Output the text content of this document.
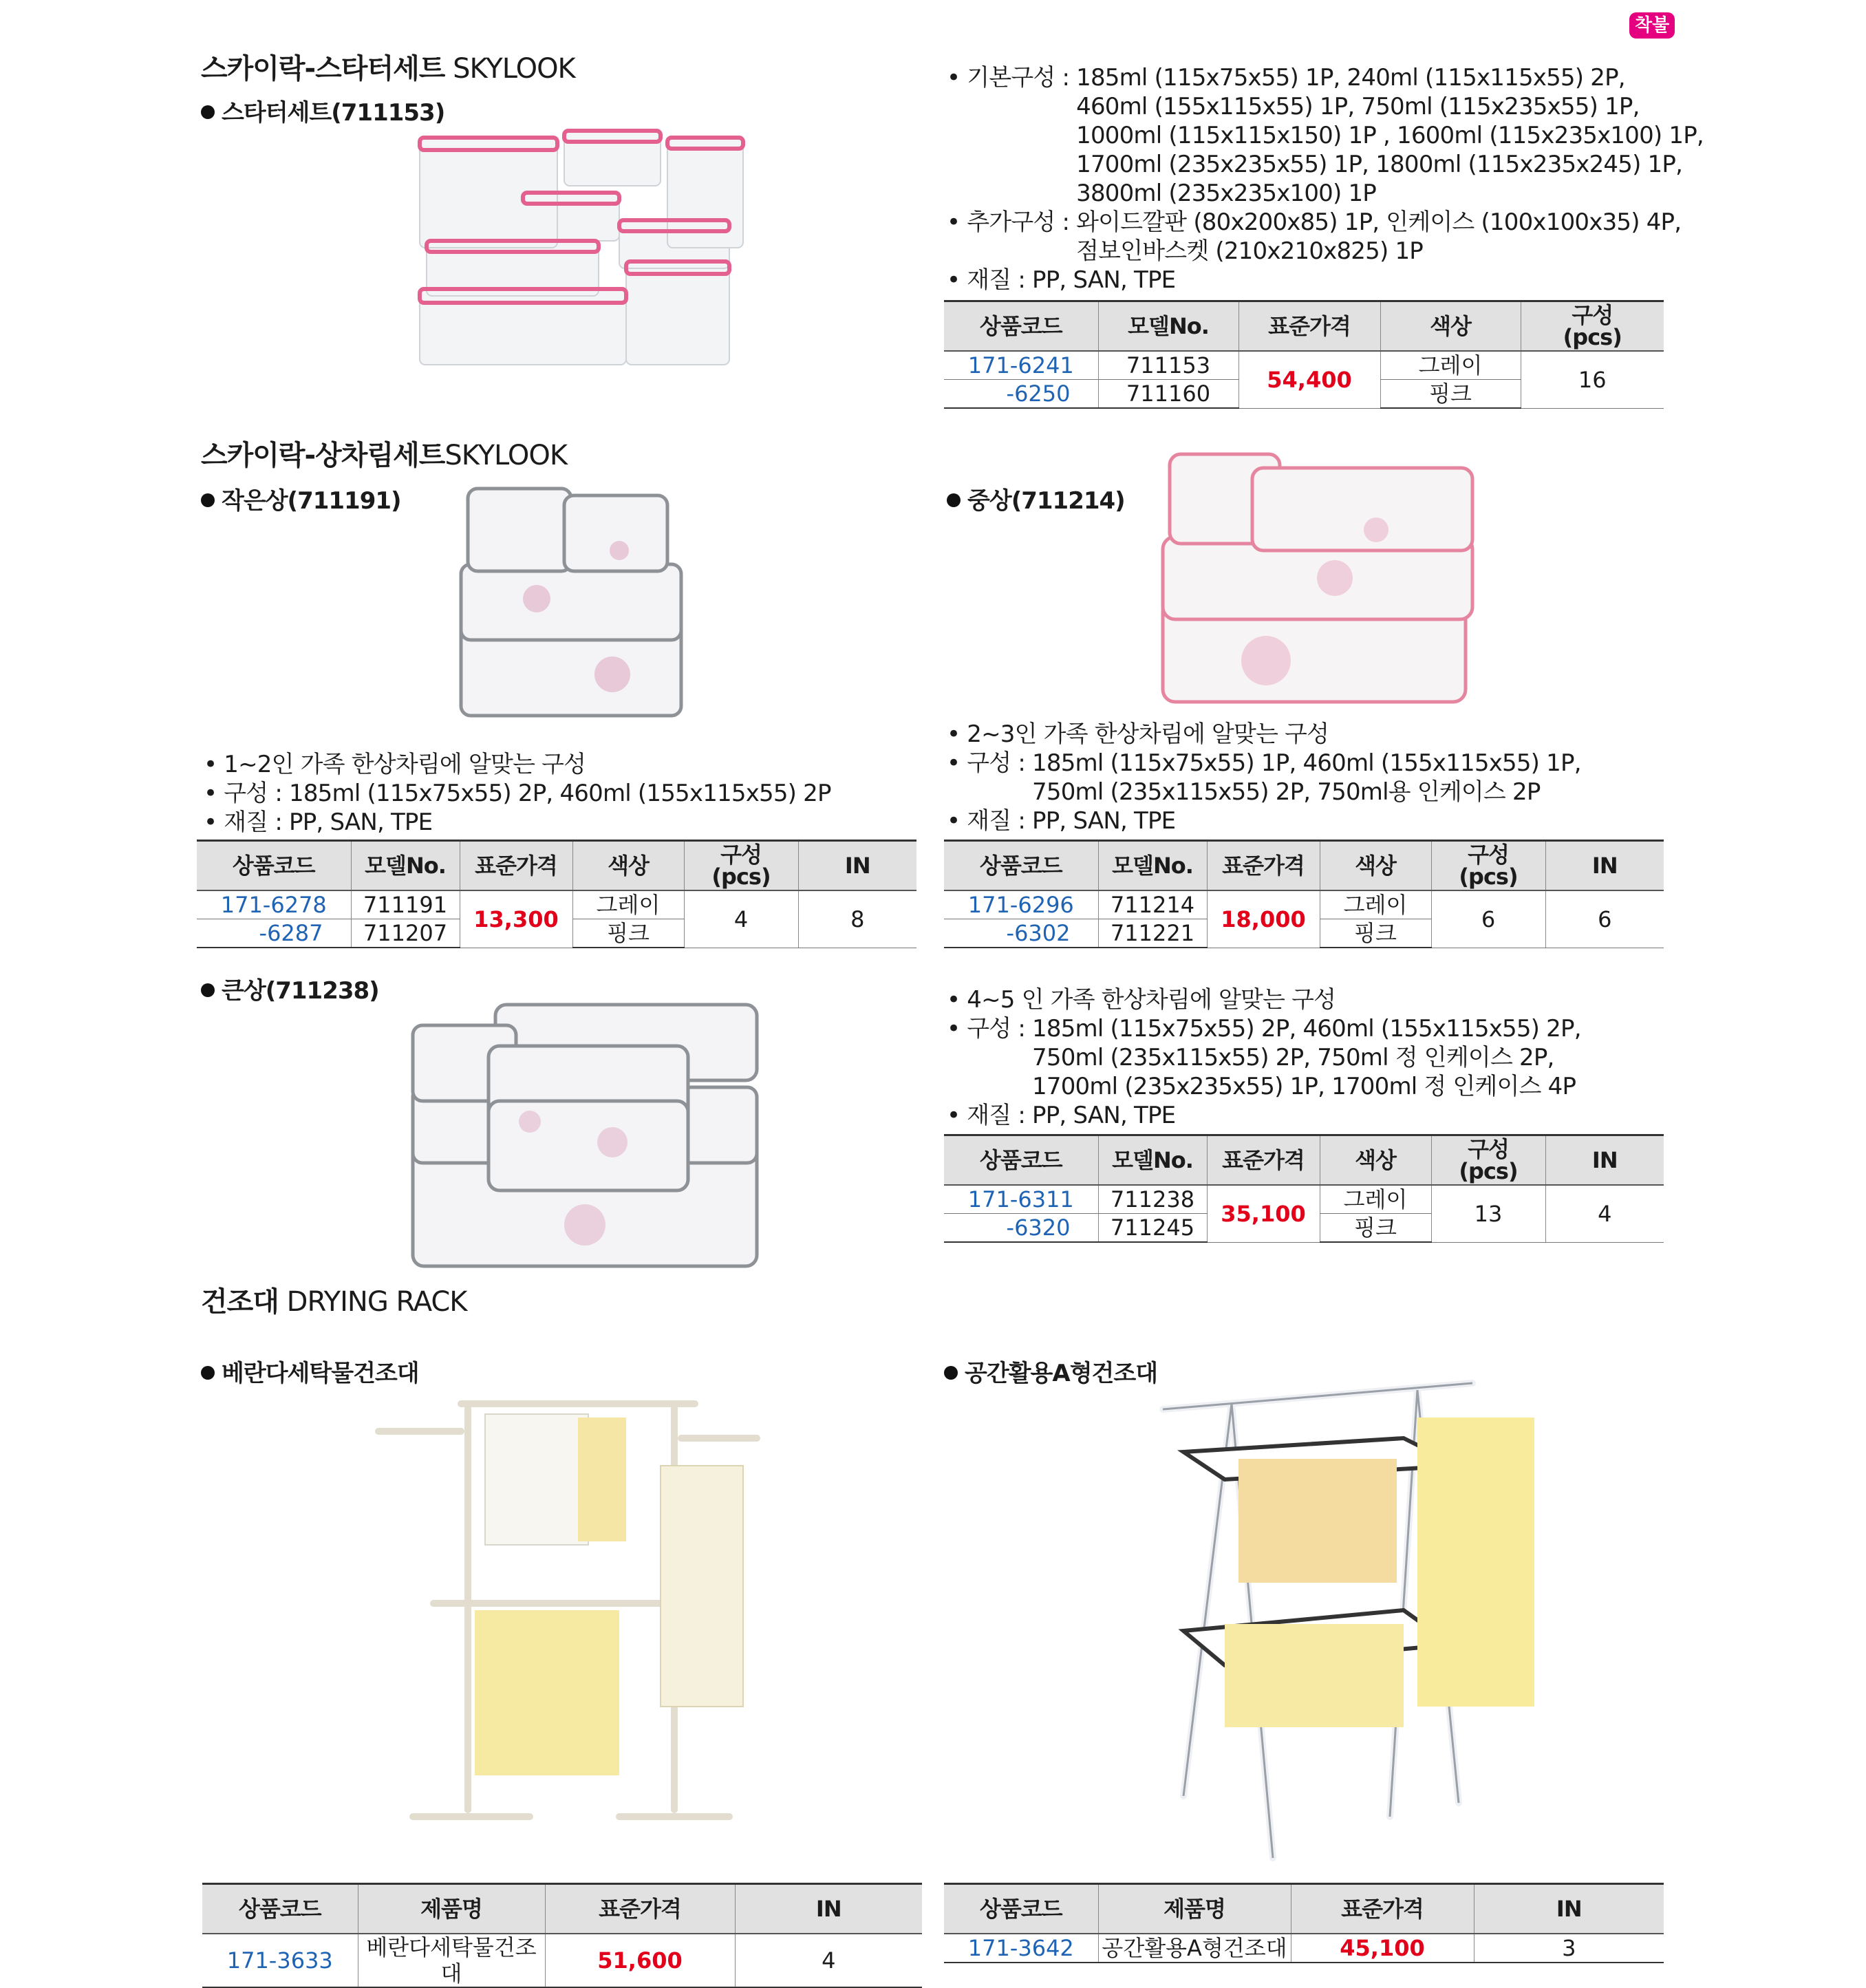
착불
스카이락-스타터세트 SKYLOOK
스타터세트(711153)
• 기본구성 : 185ml (115x75x55) 1P, 240ml (115x115x55) 2P,
460ml (155x115x55) 1P, 750ml (115x235x55) 1P,
1000ml (115x115x150) 1P , 1600ml (115x235x100) 1P,
1700ml (235x235x55) 1P, 1800ml (115x235x245) 1P,
3800ml (235x235x100) 1P
• 추가구성 : 와이드깔판 (80x200x85) 1P, 인케이스 (100x100x35) 4P,
점보인바스켓 (210x210x825) 1P
• 재질 : PP, SAN, TPE
상품코드	모델No.	표준가격	색상	구성
(pcs)
171-6241	711153	54,400	그레이	16
-6250	711160		핑크	
스카이락-상차림세트SKYLOOK
작은상(711191)
• 1~2인 가족 한상차림에 알맞는 구성
• 구성 : 185ml (115x75x55) 2P, 460ml (155x115x55) 2P
• 재질 : PP, SAN, TPE
상품코드	모델No.	표준가격	색상	구성
(pcs)	IN
171-6278	711191	13,300	그레이	4	8
-6287	711207		핑크		
중상(711214)
• 2~3인 가족 한상차림에 알맞는 구성
• 구성 : 185ml (115x75x55) 1P, 460ml (155x115x55) 1P,
750ml (235x115x55) 2P, 750ml용 인케이스 2P
• 재질 : PP, SAN, TPE
상품코드	모델No.	표준가격	색상	구성
(pcs)	IN
171-6296	711214	18,000	그레이	6	6
-6302	711221		핑크		
큰상(711238)	• 4~5 인 가족 한상차림에 알맞는 구성
• 구성 : 185ml (115x75x55) 2P, 460ml (155x115x55) 2P,
750ml (235x115x55) 2P, 750ml 정 인케이스 2P,
1700ml (235x235x55) 1P, 1700ml 정 인케이스 4P
• 재질 : PP, SAN, TPE
상품코드	모델No.	표준가격	색상	구성
(pcs)	IN
171-6311	711238	35,100	그레이	13	4
-6320	711245		핑크		
건조대 DRYING RACK
베란다세탁물건조대	공간활용A형건조대
상품코드	제품명	표준가격	IN
171-3633	베란다세탁물건조대	51,600	4
상품코드	제품명	표준가격	IN
171-3642	공간활용A형건조대	45,100	3
